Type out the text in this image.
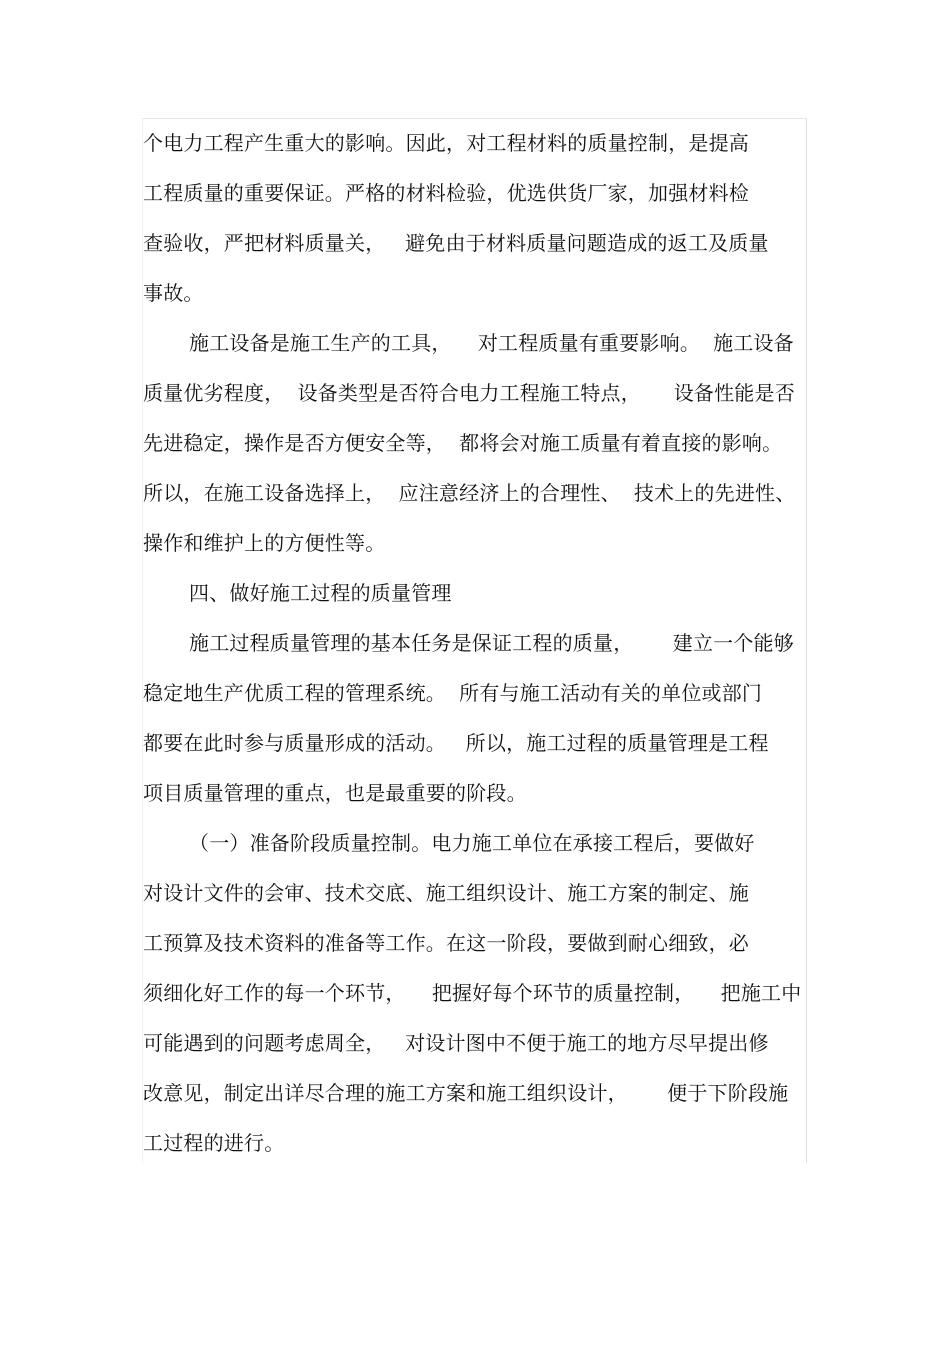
个电力工程产生重大的影响。因此，对工程材料的质量控制，是提高
工程质量的重要保证。严格的材料检验，优选供货厂家，加强材料检
查验收，严把材料质量关，   避免由于材料质量问题造成的返工及质量
事故。
施工设备是施工生产的工具，    对工程质量有重要影响。  施工设备
质量优劣程度，  设备类型是否符合电力工程施工特点，     设备性能是否
先进稳定，操作是否方便安全等，  都将会对施工质量有着直接的影响。
所以，在施工设备选择上，  应注意经济上的合理性、  技术上的先进性、
操作和维护上的方便性等。
四、做好施工过程的质量管理
施工过程质量管理的基本任务是保证工程的质量，      建立一个能够
稳定地生产优质工程的管理系统。  所有与施工活动有关的单位或部门
都要在此时参与质量形成的活动。   所以，施工过程的质量管理是工程
项目质量管理的重点，也是最重要的阶段。
（一）准备阶段质量控制。电力施工单位在承接工程后，要做好
对设计文件的会审、技术交底、施工组织设计、施工方案的制定、施
工预算及技术资料的准备等工作。在这一阶段，要做到耐心细致，必
须细化好工作的每一个环节，    把握好每个环节的质量控制，    把施工中
可能遇到的问题考虑周全，   对设计图中不便于施工的地方尽早提出修
改意见，制定出详尽合理的施工方案和施工组织设计，      便于下阶段施
工过程的进行。
